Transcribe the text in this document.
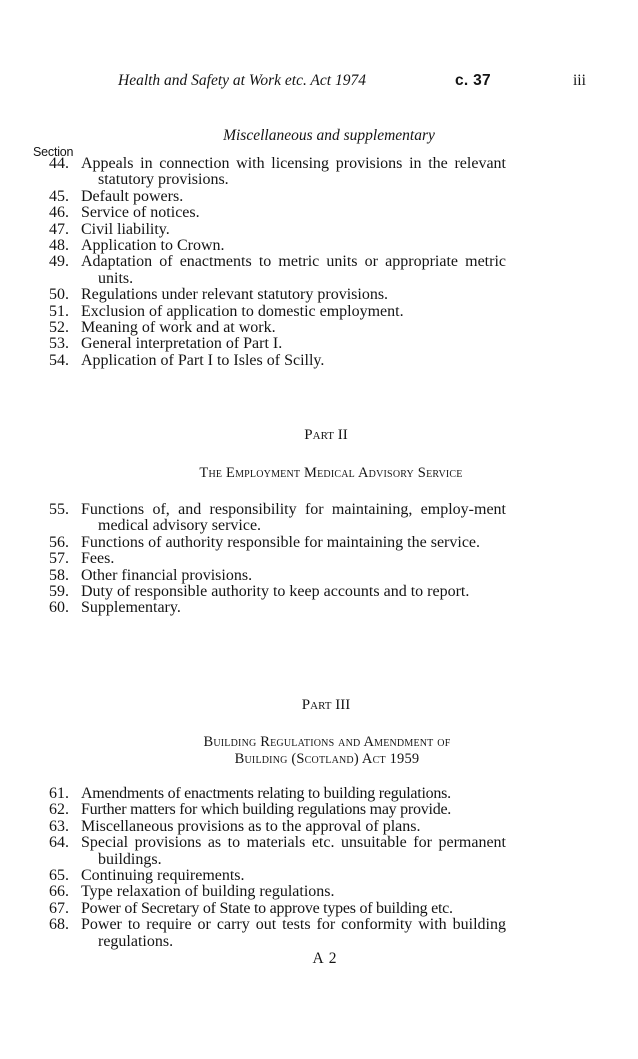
Health and Safety at Work etc. Act 1974	c. 37	iii
Miscellaneous and supplementary
Section
44. Appeals in connection with licensing provisions in the relevant statutory provisions.
45. Default powers.
46. Service of notices.
47. Civil liability.
48. Application to Crown.
49. Adaptation of enactments to metric units or appropriate metric units.
50. Regulations under relevant statutory provisions.
51. Exclusion of application to domestic employment.
52. Meaning of work and at work.
53. General interpretation of Part I.
54. Application of Part I to Isles of Scilly.
Part II
The Employment Medical Advisory Service
55. Functions of, and responsibility for maintaining, employ-ment medical advisory service.
56. Functions of authority responsible for maintaining the service.
57. Fees.
58. Other financial provisions.
59. Duty of responsible authority to keep accounts and to report.
60. Supplementary.
Part III
Building Regulations and Amendment of
Building (Scotland) Act 1959
61. Amendments of enactments relating to building regulations.
62. Further matters for which building regulations may provide.
63. Miscellaneous provisions as to the approval of plans.
64. Special provisions as to materials etc. unsuitable for permanent buildings.
65. Continuing requirements.
66. Type relaxation of building regulations.
67. Power of Secretary of State to approve types of building etc.
68. Power to require or carry out tests for conformity with building regulations.
A 2
